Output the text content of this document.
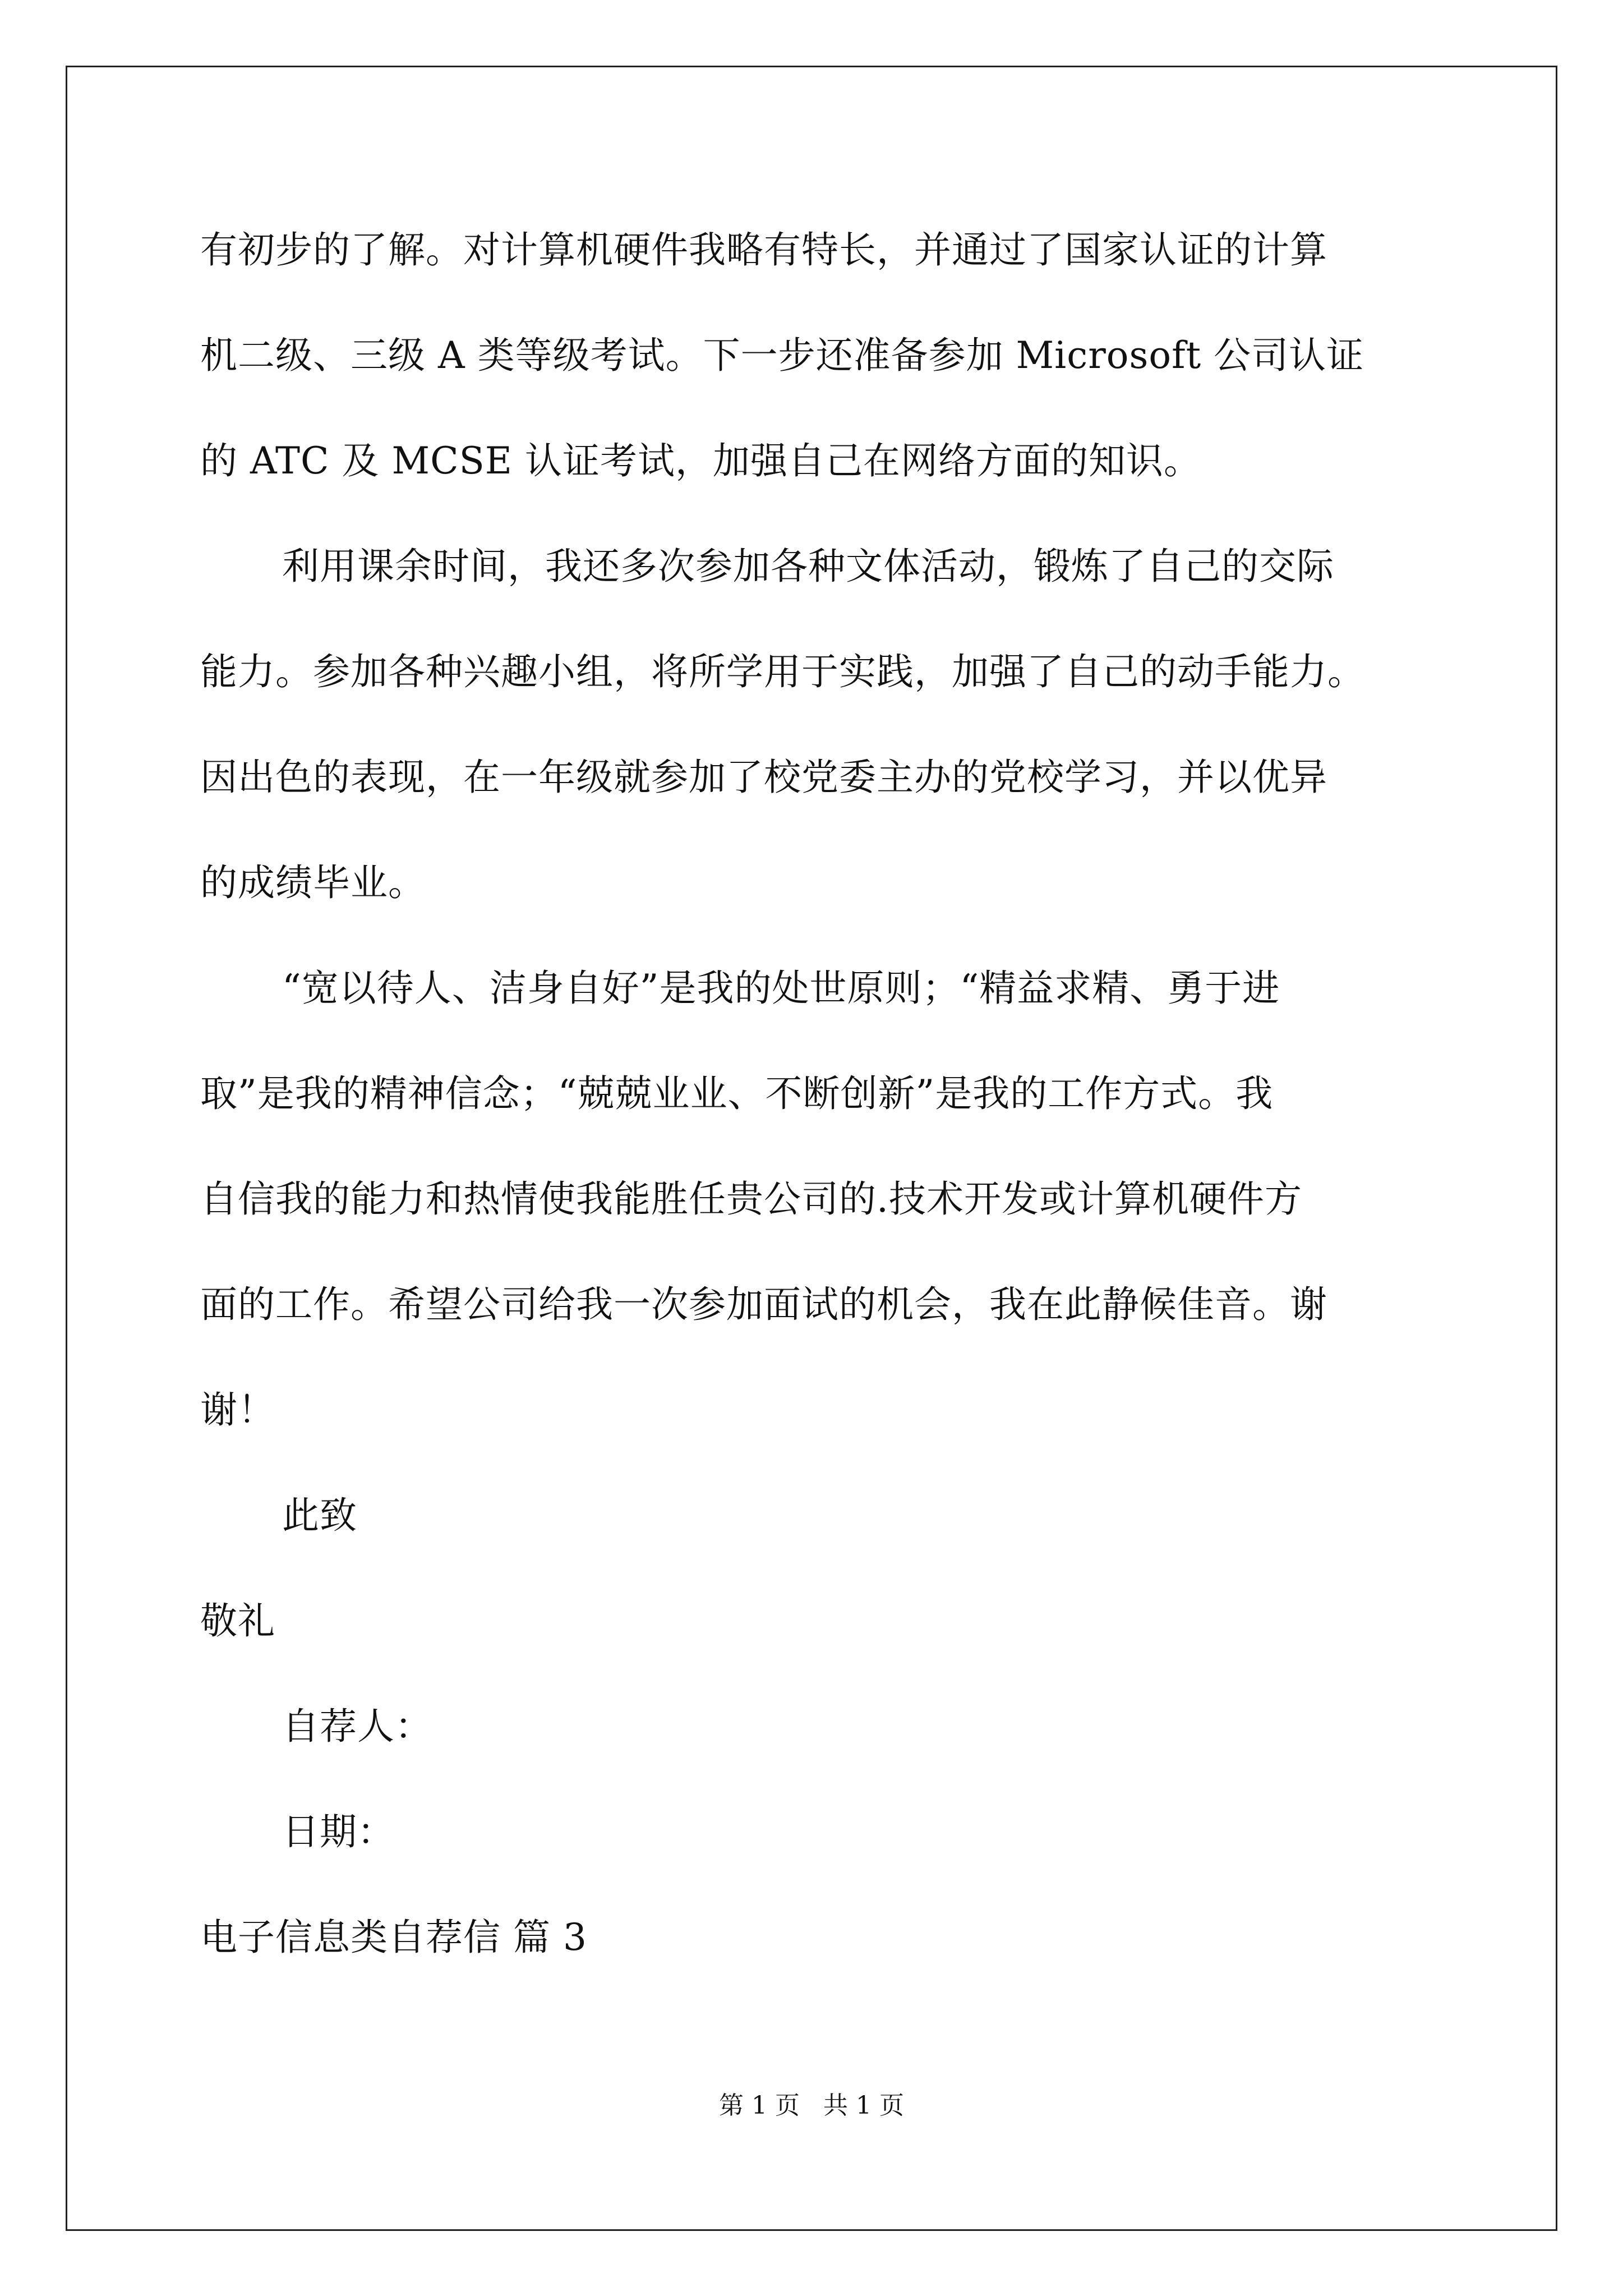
有初步的了解。对计算机硬件我略有特长，并通过了国家认证的计算
机二级、三级 A 类等级考试。下一步还准备参加 Microsoft 公司认证
的 ATC 及 MCSE 认证考试，加强自己在网络方面的知识。
利用课余时间，我还多次参加各种文体活动，锻炼了自己的交际
能力。参加各种兴趣小组，将所学用于实践，加强了自己的动手能力。
因出色的表现，在一年级就参加了校党委主办的党校学习，并以优异
的成绩毕业。
“宽以待人、洁身自好”是我的处世原则；“精益求精、勇于进
取”是我的精神信念；“兢兢业业、不断创新”是我的工作方式。我
自信我的能力和热情使我能胜任贵公司的.技术开发或计算机硬件方
面的工作。希望公司给我一次参加面试的机会，我在此静候佳音。谢
谢！
此致
敬礼
自荐人：
日期：
电子信息类自荐信 篇 3
第 1 页   共 1 页
